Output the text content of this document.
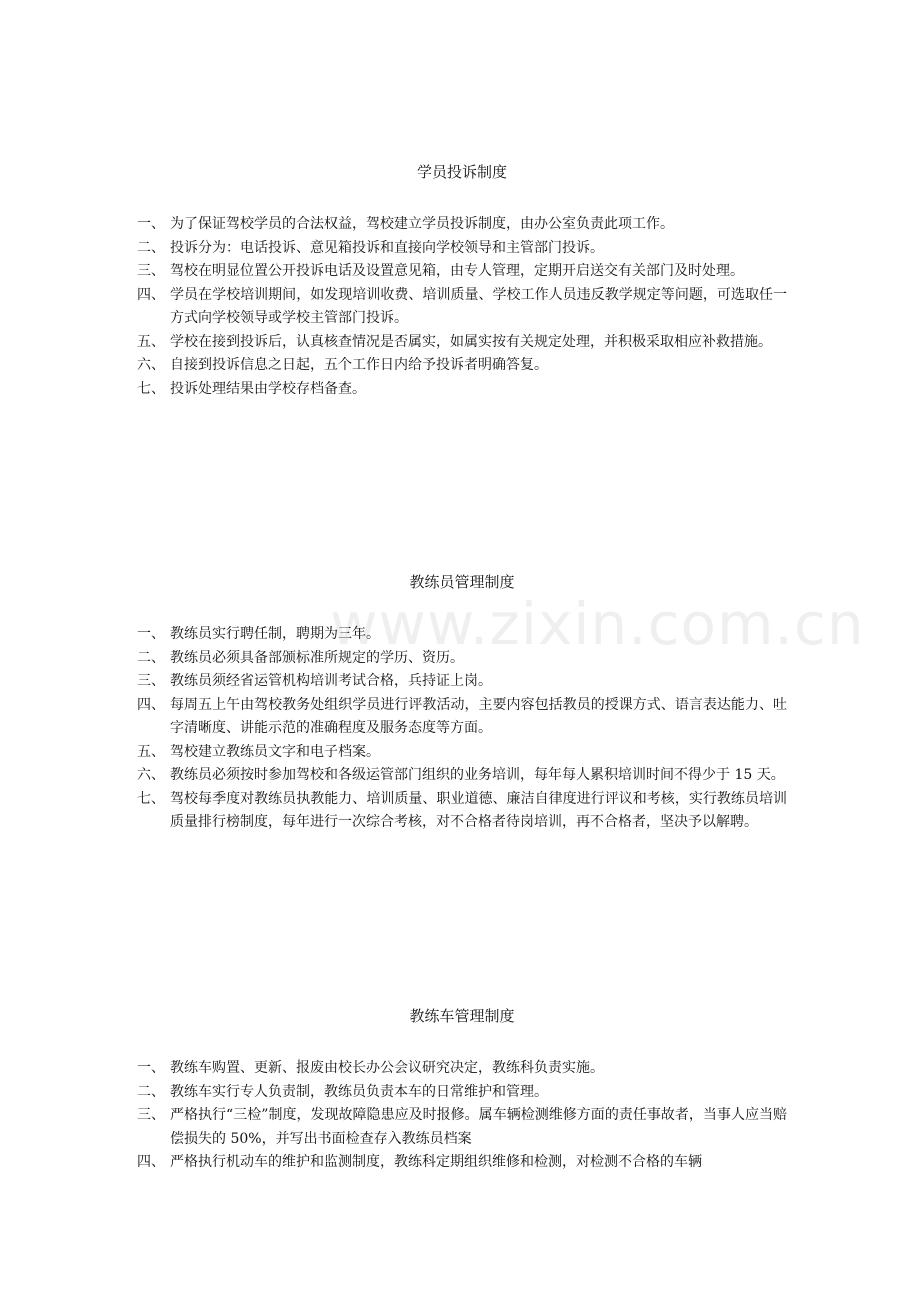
www.zixin.com.cn
学员投诉制度
一、 为了保证驾校学员的合法权益，驾校建立学员投诉制度，由办公室负责此项工作。
二、 投诉分为：电话投诉、意见箱投诉和直接向学校领导和主管部门投诉。
三、 驾校在明显位置公开投诉电话及设置意见箱，由专人管理，定期开启送交有关部门及时处理。
四、 学员在学校培训期间，如发现培训收费、培训质量、学校工作人员违反教学规定等问题，可选取任一方式向学校领导或学校主管部门投诉。
五、 学校在接到投诉后，认真核查情况是否属实，如属实按有关规定处理，并积极采取相应补救措施。
六、 自接到投诉信息之日起，五个工作日内给予投诉者明确答复。
七、 投诉处理结果由学校存档备查。
教练员管理制度
一、 教练员实行聘任制，聘期为三年。
二、 教练员必须具备部颁标准所规定的学历、资历。
三、 教练员须经省运管机构培训考试合格，兵持证上岗。
四、 每周五上午由驾校教务处组织学员进行评教活动，主要内容包括教员的授课方式、语言表达能力、吐字清晰度、讲能示范的准确程度及服务态度等方面。
五、 驾校建立教练员文字和电子档案。
六、 教练员必须按时参加驾校和各级运管部门组织的业务培训，每年每人累积培训时间不得少于 15 天。
七、 驾校每季度对教练员执教能力、培训质量、职业道德、廉洁自律度进行评议和考核，实行教练员培训质量排行榜制度，每年进行一次综合考核，对不合格者待岗培训，再不合格者，坚决予以解聘。
教练车管理制度
一、 教练车购置、更新、报废由校长办公会议研究决定，教练科负责实施。
二、 教练车实行专人负责制，教练员负责本车的日常维护和管理。
三、 严格执行“三检”制度，发现故障隐患应及时报修。属车辆检测维修方面的责任事故者，当事人应当赔偿损失的 50%，并写出书面检查存入教练员档案
四、 严格执行机动车的维护和监测制度，教练科定期组织维修和检测，对检测不合格的车辆
